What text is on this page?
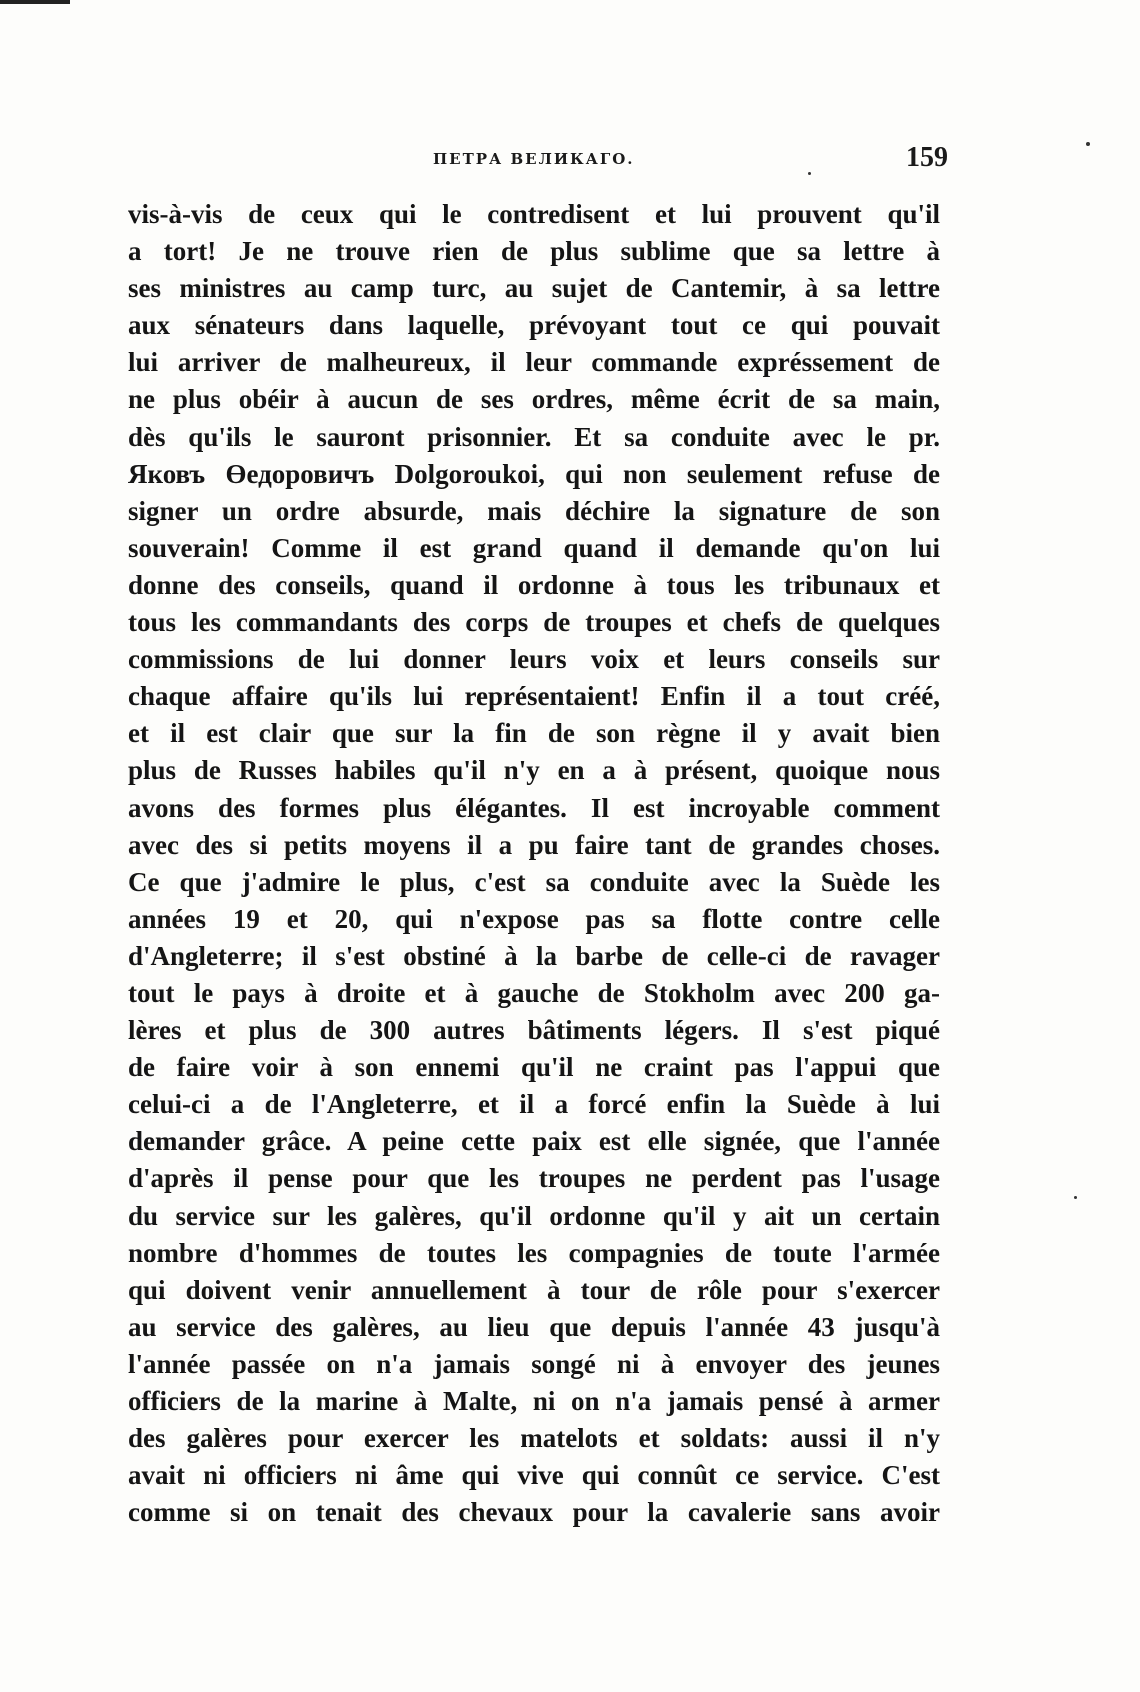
ПЕТРА ВЕЛИКАГО.	159
vis-à-vis de ceux qui le contredisent et lui prouvent qu'il
a tort! Je ne trouve rien de plus sublime que sa lettre à
ses ministres au camp turc, au sujet de Cantemir, à sa lettre
aux sénateurs dans laquelle, prévoyant tout ce qui pouvait
lui arriver de malheureux, il leur commande expréssement de
ne plus obéir à aucun de ses ordres, même écrit de sa main,
dès qu'ils le sauront prisonnier. Et sa conduite avec le pr.
Яковъ Өедоровичъ Dolgoroukoi, qui non seulement refuse de
signer un ordre absurde, mais déchire la signature de son
souverain! Comme il est grand quand il demande qu'on lui
donne des conseils, quand il ordonne à tous les tribunaux et
tous les commandants des corps de troupes et chefs de quelques
commissions de lui donner leurs voix et leurs conseils sur
chaque affaire qu'ils lui représentaient! Enfin il a tout créé,
et il est clair que sur la fin de son règne il y avait bien
plus de Russes habiles qu'il n'y en a à présent, quoique nous
avons des formes plus élégantes. Il est incroyable comment
avec des si petits moyens il a pu faire tant de grandes choses.
Ce que j'admire le plus, c'est sa conduite avec la Suède les
années 19 et 20, qui n'expose pas sa flotte contre celle
d'Angleterre; il s'est obstiné à la barbe de celle-ci de ravager
tout le pays à droite et à gauche de Stokholm avec 200 ga-
lères et plus de 300 autres bâtiments légers. Il s'est piqué
de faire voir à son ennemi qu'il ne craint pas l'appui que
celui-ci a de l'Angleterre, et il a forcé enfin la Suède à lui
demander grâce. A peine cette paix est elle signée, que l'année
d'après il pense pour que les troupes ne perdent pas l'usage
du service sur les galères, qu'il ordonne qu'il y ait un certain
nombre d'hommes de toutes les compagnies de toute l'armée
qui doivent venir annuellement à tour de rôle pour s'exercer
au service des galères, au lieu que depuis l'année 43 jusqu'à
l'année passée on n'a jamais songé ni à envoyer des jeunes
officiers de la marine à Malte, ni on n'a jamais pensé à armer
des galères pour exercer les matelots et soldats: aussi il n'y
avait ni officiers ni âme qui vive qui connût ce service. C'est
comme si on tenait des chevaux pour la cavalerie sans avoir
